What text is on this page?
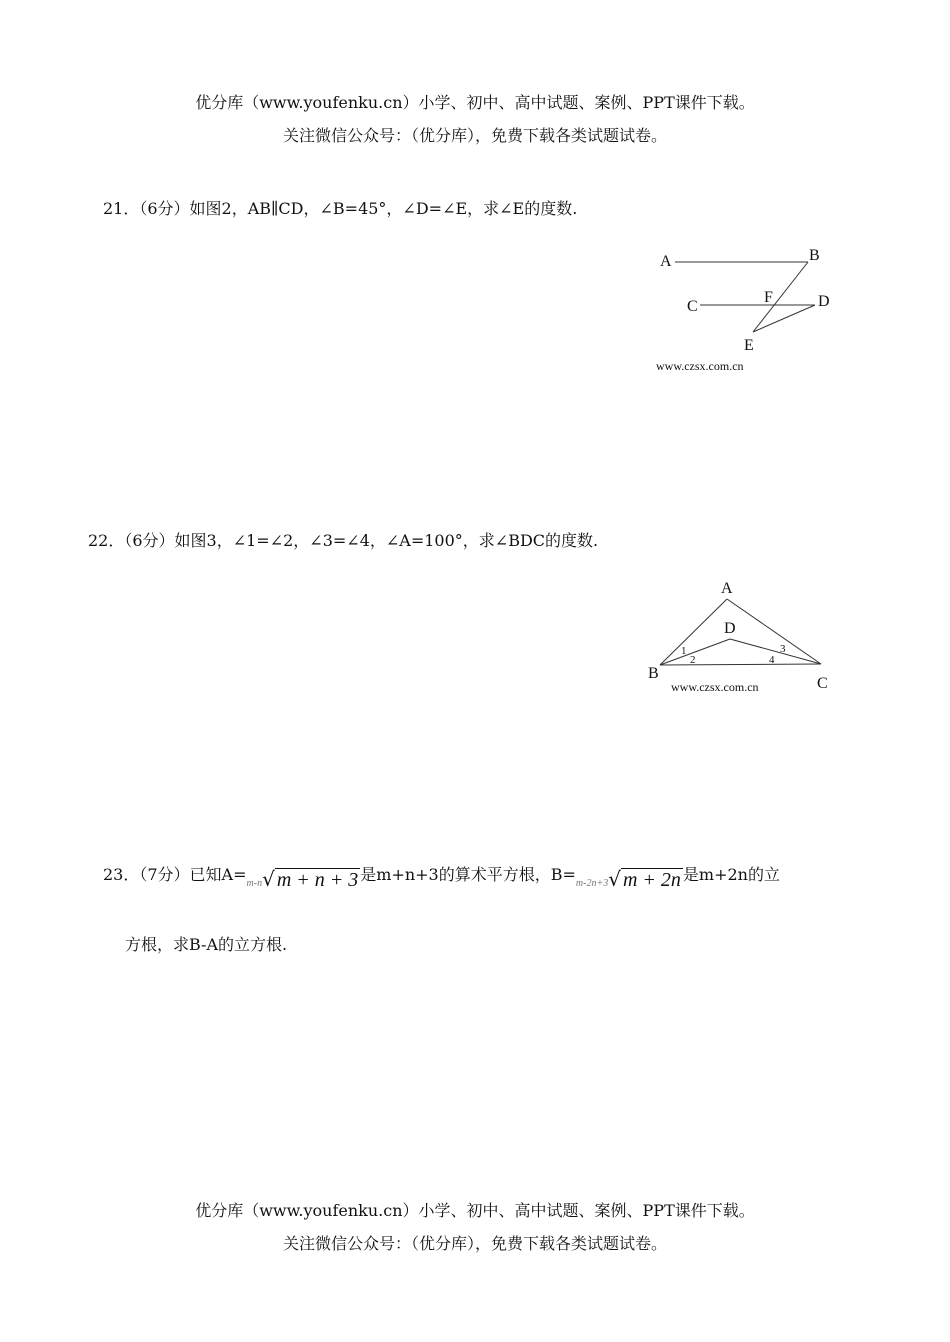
优分库（www.youfenku.cn）小学、初中、高中试题、案例、PPT课件下载。
关注微信公众号：（优分库），免费下载各类试题试卷。
21．（6分）如图2，AB∥CD，∠B=45°，∠D=∠E，求∠E的度数.
A	B
C
F	D
E
www.czsx.com.cn
22．（6分）如图3，∠1=∠2，∠3=∠4，∠A=100°，求∠BDC的度数.
A
D
B
C
1
2
3
4
www.czsx.com.cn
23．（7分）已知A=m-n√ m + n + 3 是m+n+3的算术平方根，B=m-2n+3√ m + 2n 是m+2n的立
方根，求B-A的立方根.
优分库（www.youfenku.cn）小学、初中、高中试题、案例、PPT课件下载。
关注微信公众号：（优分库），免费下载各类试题试卷。
